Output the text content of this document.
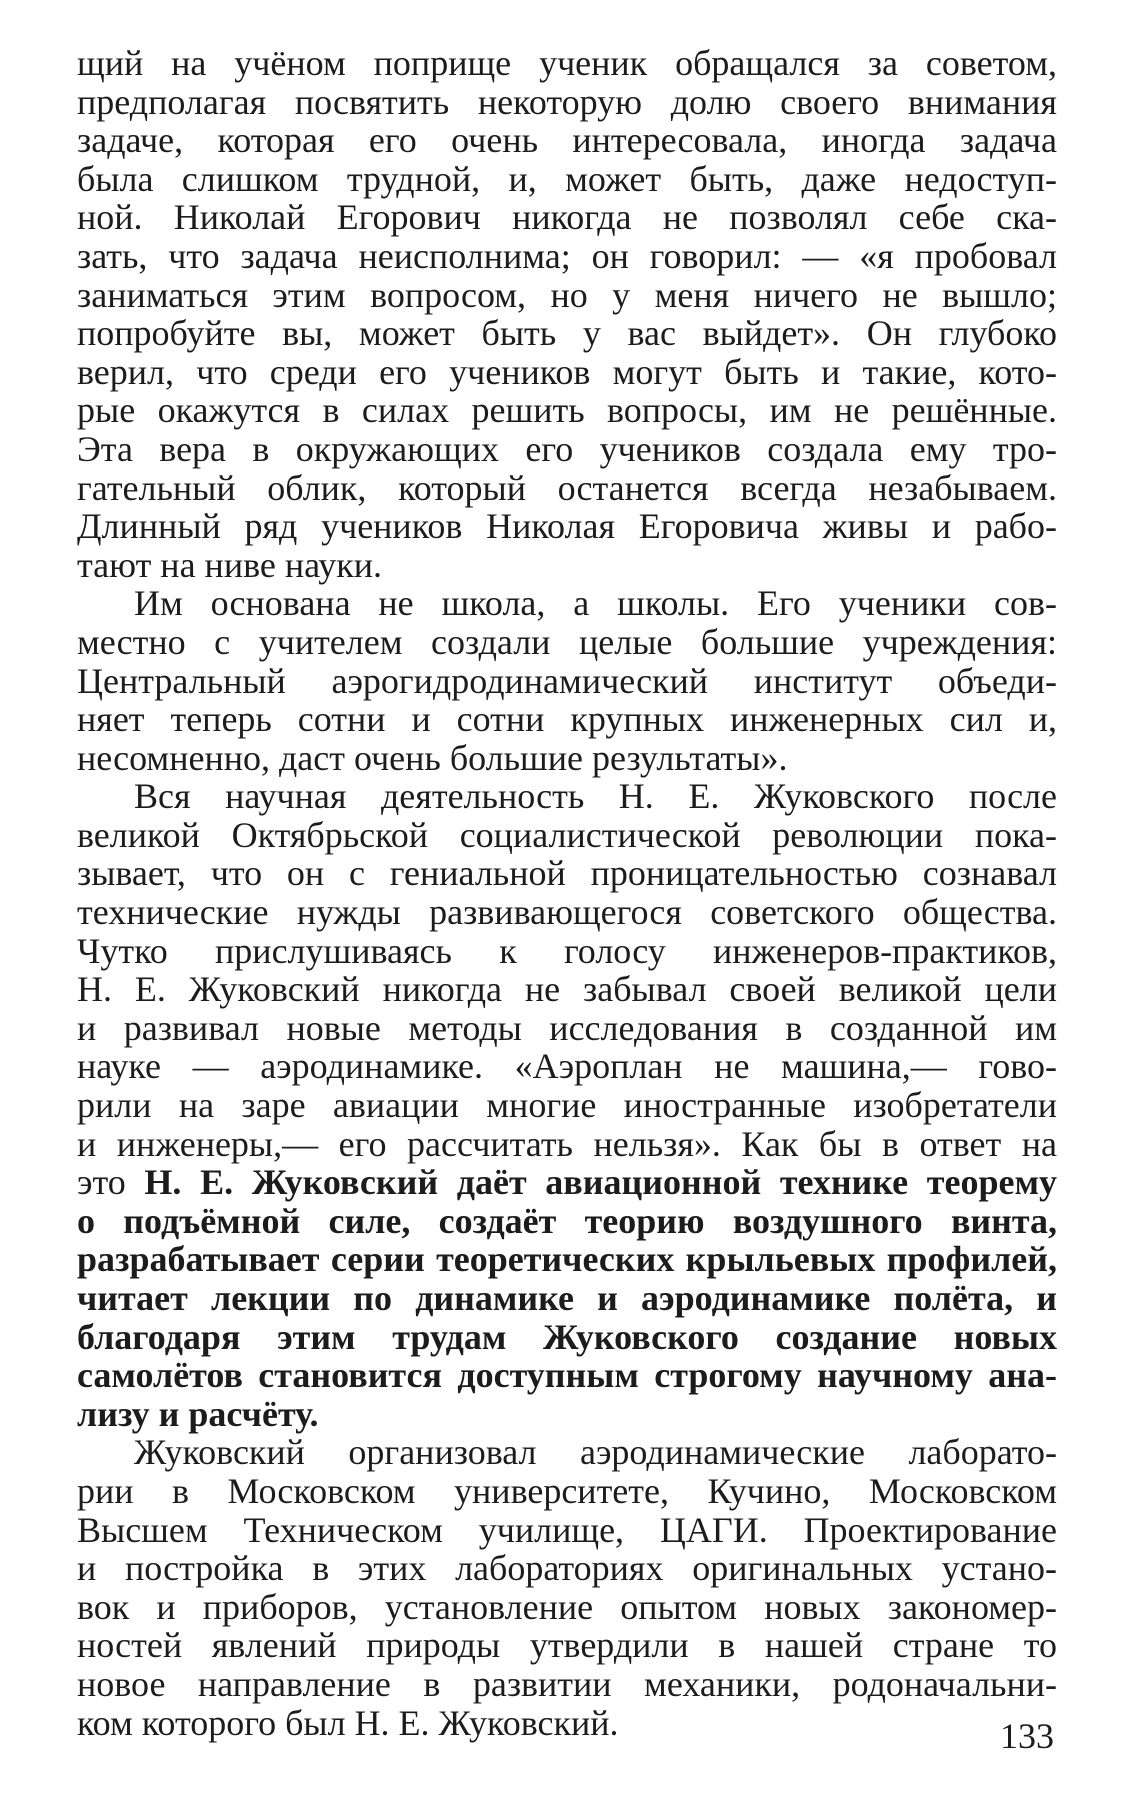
щий на учёном поприще ученик обращался за советом,
предполагая посвятить некоторую долю своего внимания
задаче, которая его очень интересовала, иногда задача
была слишком трудной, и, может быть, даже недоступ-
ной. Николай Егорович никогда не позволял себе ска-
зать, что задача неисполнима; он говорил: — «я пробовал
заниматься этим вопросом, но у меня ничего не вышло;
попробуйте вы, может быть у вас выйдет». Он глубоко
верил, что среди его учеников могут быть и такие, кото-
рые окажутся в силах решить вопросы, им не решённые.
Эта вера в окружающих его учеников создала ему тро-
гательный облик, который останется всегда незабываем.
Длинный ряд учеников Николая Егоровича живы и рабо-
тают на ниве науки.

Им основана не школа, а школы. Его ученики сов-
местно с учителем создали целые большие учреждения:
Центральный аэрогидродинамический институт объеди-
няет теперь сотни и сотни крупных инженерных сил и,
несомненно, даст очень большие результаты».

Вся научная деятельность Н. Е. Жуковского после
великой Октябрьской социалистической революции пока-
зывает, что он с гениальной проницательностью сознавал
технические нужды развивающегося советского общества.
Чутко прислушиваясь к голосу инженеров-практиков,
Н. Е. Жуковский никогда не забывал своей великой цели
и развивал новые методы исследования в созданной им
науке — аэродинамике. «Аэроплан не машина,— гово-
рили на заре авиации многие иностранные изобретатели
и инженеры,— его рассчитать нельзя». Как бы в ответ на
это Н. Е. Жуковский даёт авиационной технике теорему
о подъёмной силе, создаёт теорию воздушного винта,
разрабатывает серии теоретических крыльевых профилей,
читает лекции по динамике и аэродинамике полёта, и
благодаря этим трудам Жуковского создание новых
самолётов становится доступным строгому научному ана-
лизу и расчёту.

Жуковский организовал аэродинамические лаборато-
рии в Московском университете, Кучино, Московском
Высшем Техническом училище, ЦАГИ. Проектирование
и постройка в этих лабораториях оригинальных устано-
вок и приборов, установление опытом новых закономер-
ностей явлений природы утвердили в нашей стране то
новое направление в развитии механики, родоначальни-
ком которого был Н. Е. Жуковский.	133
